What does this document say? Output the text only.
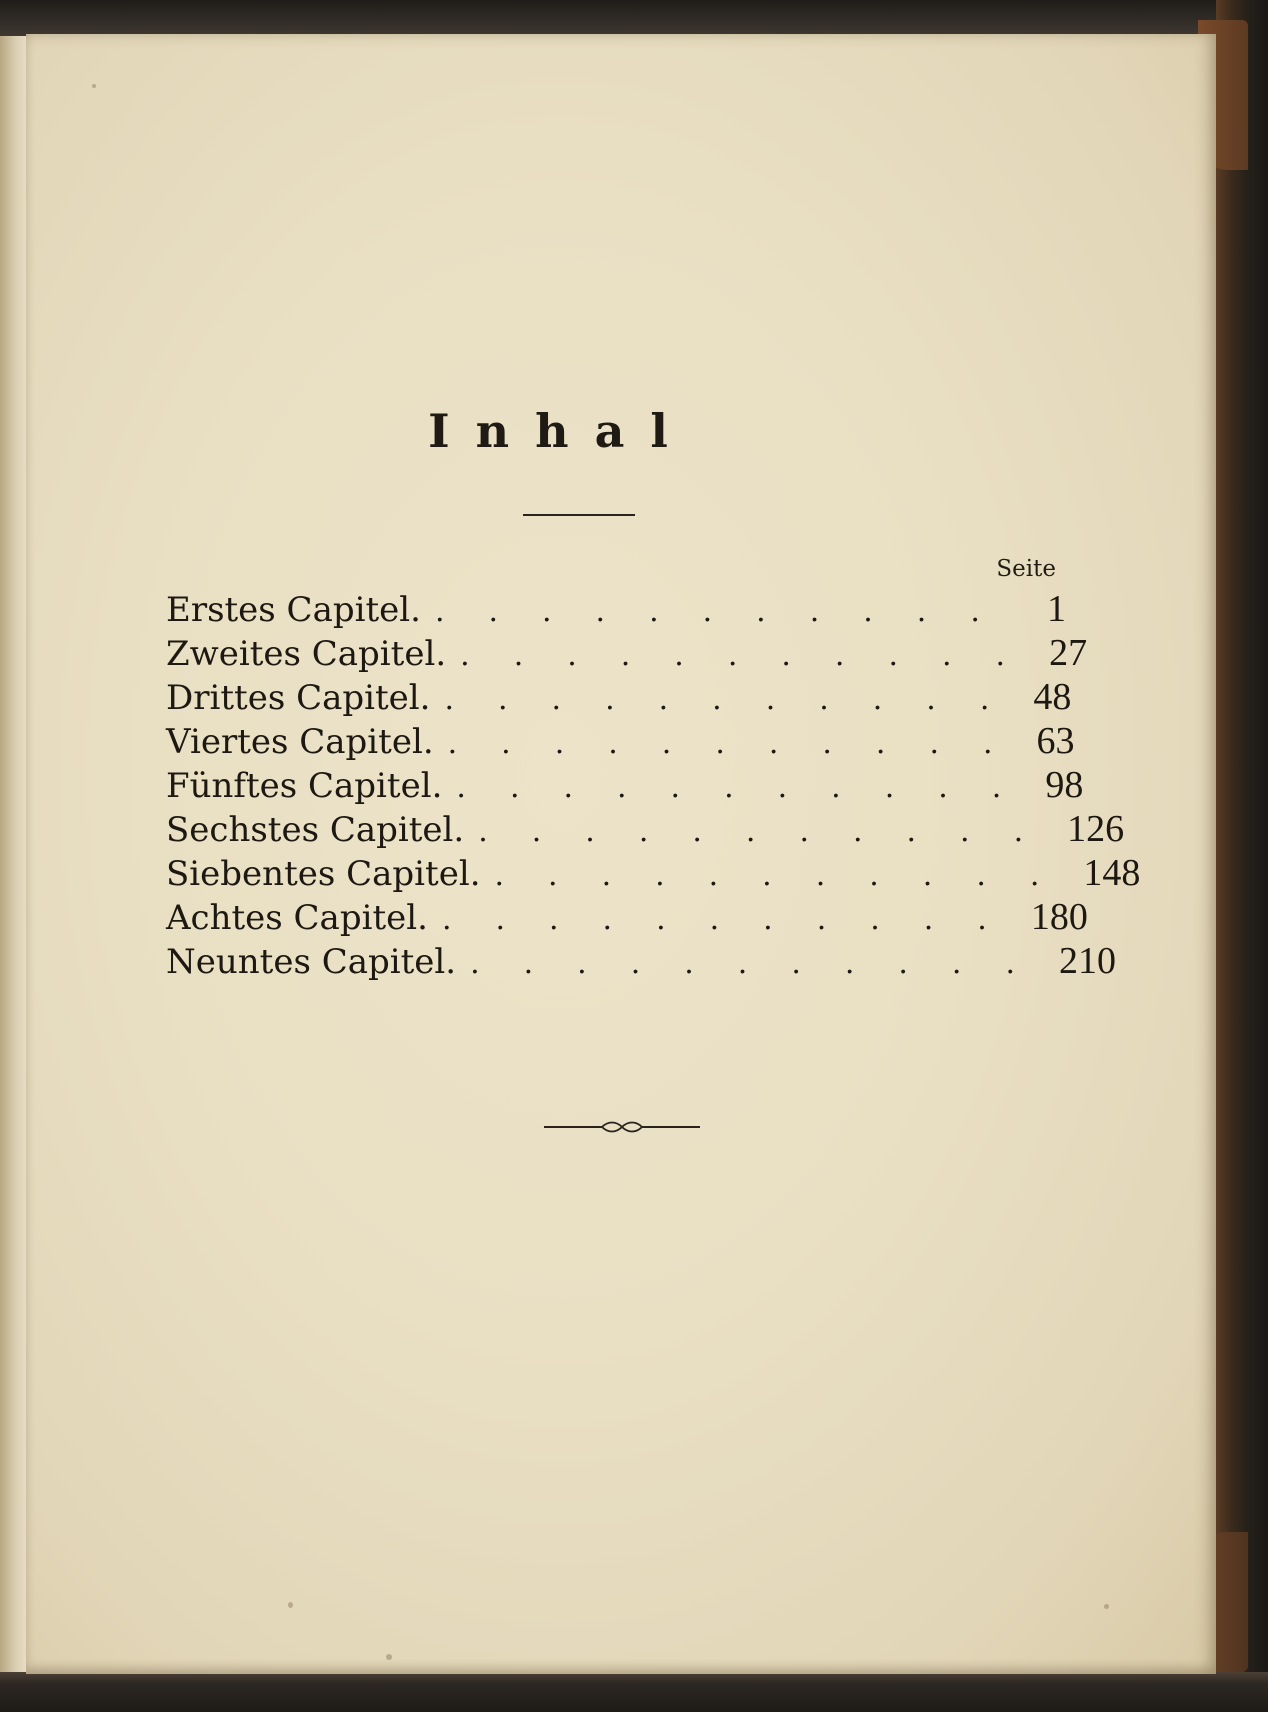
Inhal
Seite
Erstes Capitel. ........... 1
Zweites Capitel. ........... 27
Drittes Capitel. ........... 48
Viertes Capitel. ........... 63
Fünftes Capitel. ........... 98
Sechstes Capitel. ........... 126
Siebentes Capitel. ........... 148
Achtes Capitel. ........... 180
Neuntes Capitel. ........... 210
